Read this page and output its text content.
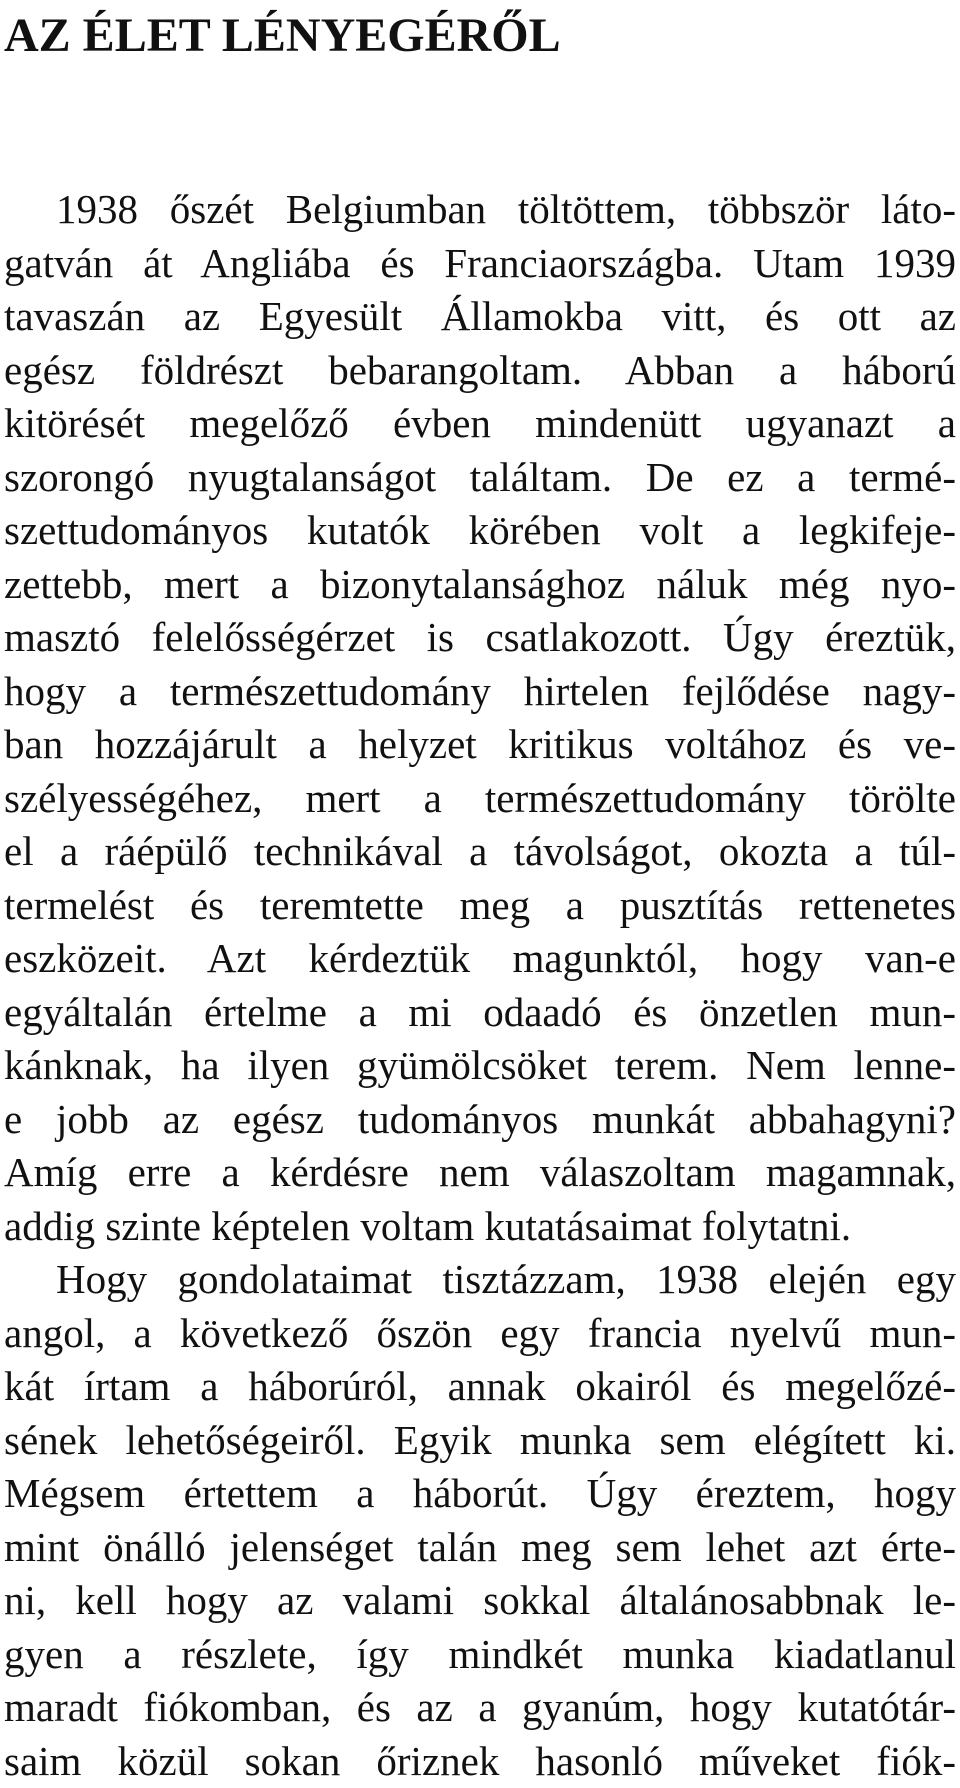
AZ ÉLET LÉNYEGÉRŐL
1938 őszét Belgiumban töltöttem, többször láto-
gatván át Angliába és Franciaországba. Utam 1939
tavaszán az Egyesült Államokba vitt, és ott az
egész földrészt bebarangoltam. Abban a háború
kitörését megelőző évben mindenütt ugyanazt a
szorongó nyugtalanságot találtam. De ez a termé-
szettudományos kutatók körében volt a legkifeje-
zettebb, mert a bizonytalansághoz náluk még nyo-
masztó felelősségérzet is csatlakozott. Úgy éreztük,
hogy a természettudomány hirtelen fejlődése nagy-
ban hozzájárult a helyzet kritikus voltához és ve-
szélyességéhez, mert a természettudomány törölte
el a ráépülő technikával a távolságot, okozta a túl-
termelést és teremtette meg a pusztítás rettenetes
eszközeit. Azt kérdeztük magunktól, hogy van-e
egyáltalán értelme a mi odaadó és önzetlen mun-
kánknak, ha ilyen gyümölcsöket terem. Nem lenne-
e jobb az egész tudományos munkát abbahagyni?
Amíg erre a kérdésre nem válaszoltam magamnak,
addig szinte képtelen voltam kutatásaimat folytatni.
Hogy gondolataimat tisztázzam, 1938 elején egy
angol, a következő őszön egy francia nyelvű mun-
kát írtam a háborúról, annak okairól és megelőzé-
sének lehetőségeiről. Egyik munka sem elégített ki.
Mégsem értettem a háborút. Úgy éreztem, hogy
mint önálló jelenséget talán meg sem lehet azt érte-
ni, kell hogy az valami sokkal általánosabbnak le-
gyen a részlete, így mindkét munka kiadatlanul
maradt fiókomban, és az a gyanúm, hogy kutatótár-
saim közül sokan őriznek hasonló műveket fiók-
